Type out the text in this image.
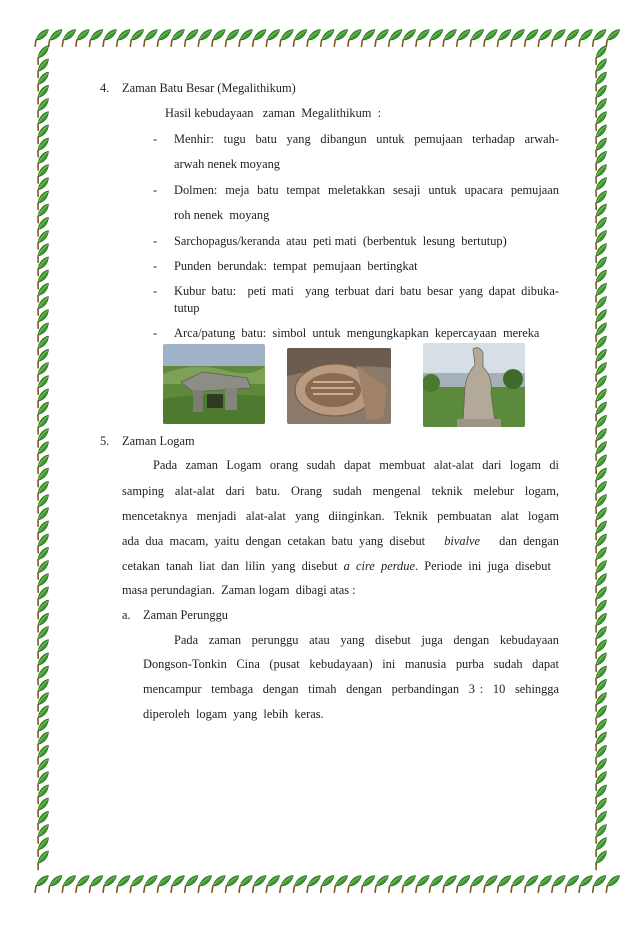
4. Zaman Batu Besar (Megalithikum)
Hasil kebudayaan   zaman  Megalithikum  :
- Menhir:  tugu  batu  yang  dibangun  untuk  pemujaan  terhadap  arwah-
arwah nenek moyang
- Dolmen:  meja  batu  tempat  meletakkan  sesaji  untuk  upacara  pemujaan
roh nenek  moyang
- Sarchopagus/keranda  atau  peti mati  (berbentuk  lesung  bertutup)
- Punden  berundak:  tempat  pemujaan  bertingkat
- Kubur batu:  peti mati  yang terbuat dari batu besar yang dapat dibuka-
tutup
- Arca/patung  batu:  simbol  untuk  mengungkapkan  kepercayaan  mereka
5. Zaman Logam
Pada  zaman  Logam  orang  sudah  dapat  membuat  alat-alat  dari  logam  di
samping  alat-alat  dari  batu.  Orang  sudah  mengenal  teknik  melebur  logam,
mencetaknya  menjadi  alat-alat  yang  diinginkan.  Teknik  pembuatan  alat  logam
ada  dua  macam,  yaitu  dengan  cetakan  batu  yang  disebut bivalve dan  dengan
cetakan  tanah  liat  dan  lilin  yang  disebut a  cire  perdue.  Periode  ini  juga  disebut
masa perundagian.  Zaman logam  dibagi atas :
a. Zaman Perunggu
Pada  zaman  perunggu  atau  yang  disebut  juga  dengan  kebudayaan
Dongson-Tonkin  Cina  (pusat  kebudayaan)  ini  manusia  purba  sudah  dapat
mencampur  tembaga  dengan  timah  dengan  perbandingan  3 :  10  sehingga
diperoleh  logam  yang  lebih  keras.
